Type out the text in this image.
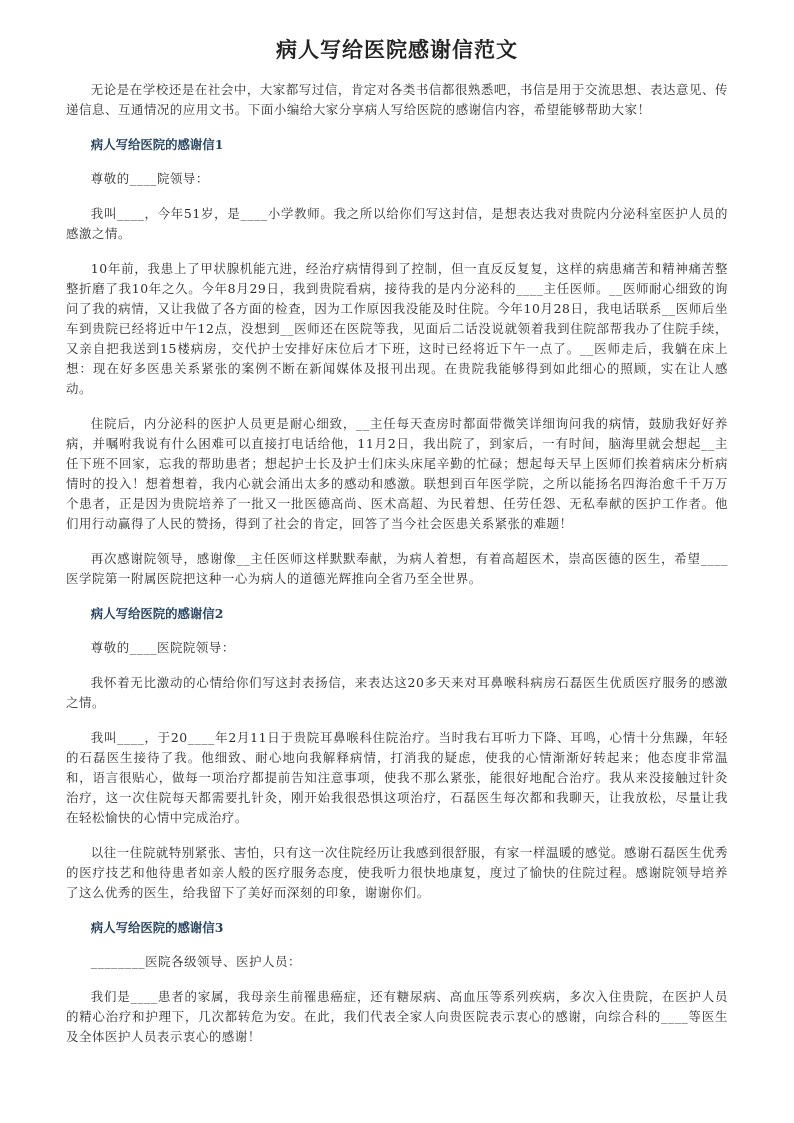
病人写给医院感谢信范文

无论是在学校还是在社会中，大家都写过信，肯定对各类书信都很熟悉吧，书信是用于交流思想、表达意见、传递信息、互通情况的应用文书。下面小编给大家分享病人写给医院的感谢信内容，希望能够帮助大家！

病人写给医院的感谢信1

尊敬的____院领导：

我叫____，今年51岁，是____小学教师。我之所以给你们写这封信，是想表达我对贵院内分泌科室医护人员的感激之情。

10年前，我患上了甲状腺机能亢进，经治疗病情得到了控制，但一直反反复复，这样的病患痛苦和精神痛苦整整折磨了我10年之久。今年8月29日，我到贵院看病，接待我的是内分泌科的____主任医师。__医师耐心细致的询问了我的病情，又让我做了各方面的检查，因为工作原因我没能及时住院。今年10月28日，我电话联系__医师后坐车到贵院已经将近中午12点，没想到__医师还在医院等我，见面后二话没说就领着我到住院部帮我办了住院手续，又亲自把我送到15楼病房，交代护士安排好床位后才下班，这时已经将近下午一点了。__医师走后，我躺在床上想：现在好多医患关系紧张的案例不断在新闻媒体及报刊出现。在贵院我能够得到如此细心的照顾，实在让人感动。

住院后，内分泌科的医护人员更是耐心细致，__主任每天查房时都面带微笑详细询问我的病情，鼓励我好好养病，并嘱咐我说有什么困难可以直接打电话给他，11月2日，我出院了，到家后，一有时间，脑海里就会想起__主任下班不回家，忘我的帮助患者；想起护士长及护士们床头床尾辛勤的忙碌；想起每天早上医师们挨着病床分析病情时的投入！想着想着，我内心就会涌出太多的感动和感激。联想到百年医学院，之所以能扬名四海治愈千千万万个患者，正是因为贵院培养了一批又一批医德高尚、医术高超、为民着想、任劳任怨、无私奉献的医护工作者。他们用行动赢得了人民的赞扬，得到了社会的肯定，回答了当今社会医患关系紧张的难题！

再次感谢院领导，感谢像__主任医师这样默默奉献，为病人着想，有着高超医术，崇高医德的医生，希望____医学院第一附属医院把这种一心为病人的道德光辉推向全省乃至全世界。

病人写给医院的感谢信2

尊敬的____医院院领导：

我怀着无比激动的心情给你们写这封表扬信，来表达这20多天来对耳鼻喉科病房石磊医生优质医疗服务的感激之情。

我叫____，于20____年2月11日于贵院耳鼻喉科住院治疗。当时我右耳听力下降、耳鸣，心情十分焦躁，年轻的石磊医生接待了我。他细致、耐心地向我解释病情，打消我的疑虑，使我的心情渐渐好转起来；他态度非常温和，语言很贴心，做每一项治疗都提前告知注意事项，使我不那么紧张，能很好地配合治疗。我从来没接触过针灸治疗，这一次住院每天都需要扎针灸，刚开始我很恐惧这项治疗，石磊医生每次都和我聊天，让我放松，尽量让我在轻松愉快的心情中完成治疗。

以往一住院就特别紧张、害怕，只有这一次住院经历让我感到很舒服，有家一样温暖的感觉。感谢石磊医生优秀的医疗技艺和他待患者如亲人般的医疗服务态度，使我听力很快地康复，度过了愉快的住院过程。感谢院领导培养了这么优秀的医生，给我留下了美好而深刻的印象，谢谢你们。

病人写给医院的感谢信3

________医院各级领导、医护人员：

我们是____患者的家属，我母亲生前罹患癌症，还有糖尿病、高血压等系列疾病，多次入住贵院，在医护人员的精心治疗和护理下，几次都转危为安。在此，我们代表全家人向贵医院表示衷心的感谢，向综合科的____等医生及全体医护人员表示衷心的感谢！
